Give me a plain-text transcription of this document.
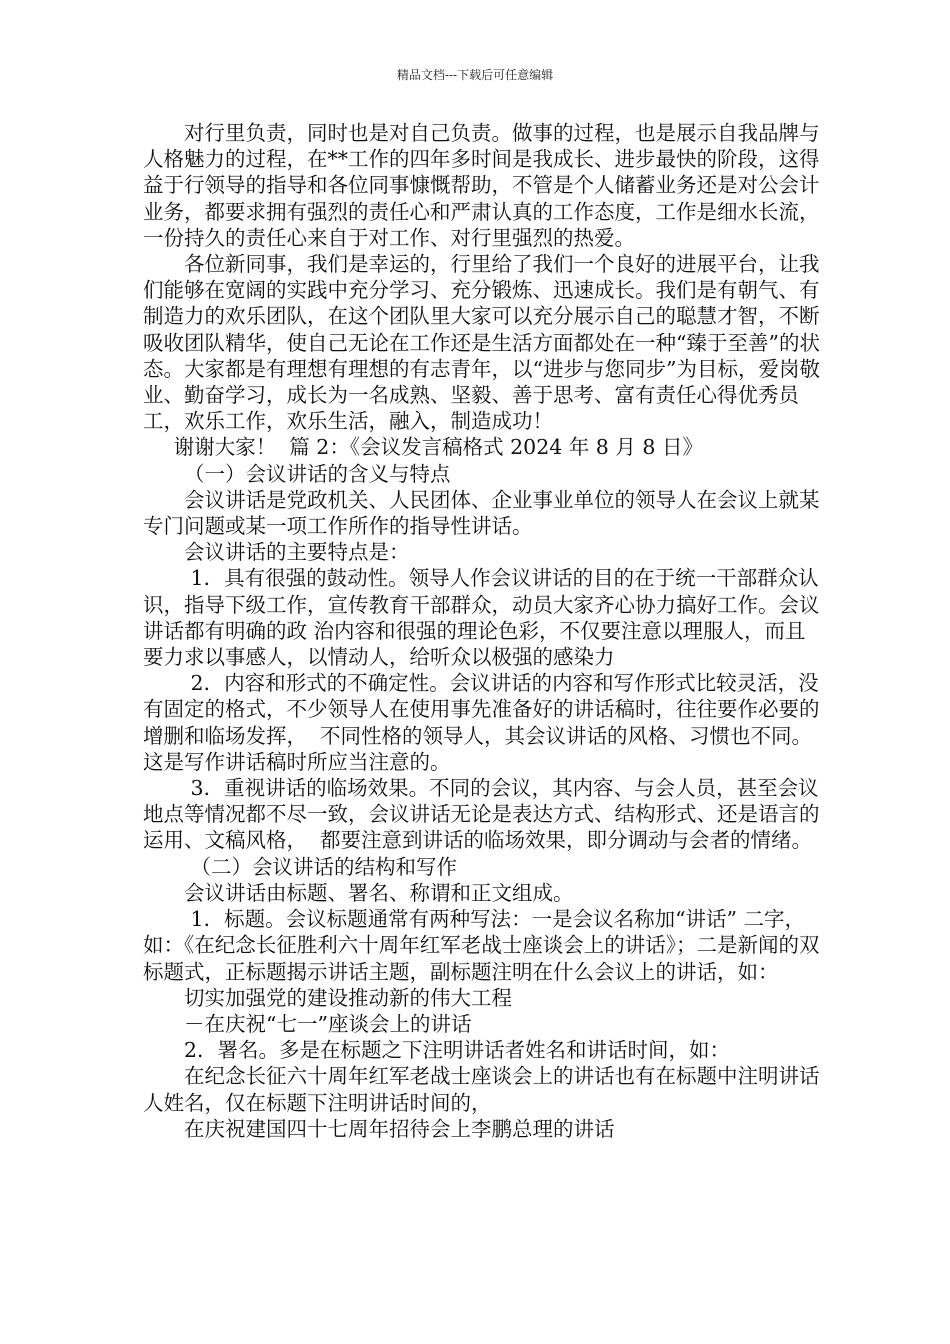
精品文档---下载后可任意编辑

对行里负责，同时也是对自己负责。做事的过程，也是展示自我品牌与人格魅力的过程，在**工作的四年多时间是我成长、进步最快的阶段，这得益于行领导的指导和各位同事慷慨帮助，不管是个人储蓄业务还是对公会计业务，都要求拥有强烈的责任心和严肃认真的工作态度，工作是细水长流，一份持久的责任心来自于对工作、对行里强烈的热爱。

各位新同事，我们是幸运的，行里给了我们一个良好的进展平台，让我们能够在宽阔的实践中充分学习、充分锻炼、迅速成长。我们是有朝气、有制造力的欢乐团队，在这个团队里大家可以充分展示自己的聪慧才智，不断吸收团队精华，使自己无论在工作还是生活方面都处在一种“臻于至善”的状态。大家都是有理想有理想的有志青年，以“进步与您同步”为目标，爱岗敬业、勤奋学习，成长为一名成熟、坚毅、善于思考、富有责任心得优秀员工，欢乐工作，欢乐生活，融入，制造成功！

谢谢大家！  篇 2：《会议发言稿格式 2024 年 8 月 8 日》

（一）会议讲话的含义与特点

会议讲话是党政机关、人民团体、企业事业单位的领导人在会议上就某专门问题或某一项工作所作的指导性讲话。

会议讲话的主要特点是：

1．具有很强的鼓动性。领导人作会议讲话的目的在于统一干部群众认识，指导下级工作，宣传教育干部群众，动员大家齐心协力搞好工作。会议讲话都有明确的政 治内容和很强的理论色彩，不仅要注意以理服人，而且要力求以事感人，以情动人，给听众以极强的感染力

2．内容和形式的不确定性。会议讲话的内容和写作形式比较灵活，没有固定的格式，不少领导人在使用事先准备好的讲话稿时，往往要作必要的增删和临场发挥，  不同性格的领导人，其会议讲话的风格、习惯也不同。这是写作讲话稿时所应当注意的。

3．重视讲话的临场效果。不同的会议，其内容、与会人员，甚至会议地点等情况都不尽一致，会议讲话无论是表达方式、结构形式、还是语言的运用、文稿风格，  都要注意到讲话的临场效果，即分调动与会者的情绪。

（二）会议讲话的结构和写作

会议讲话由标题、署名、称谓和正文组成。

1．标题。会议标题通常有两种写法：一是会议名称加“讲话” 二字，如：《在纪念长征胜利六十周年红军老战士座谈会上的讲话》；二是新闻的双标题式，正标题揭示讲话主题，副标题注明在什么会议上的讲话，如：

切实加强党的建设推动新的伟大工程

－在庆祝“七一”座谈会上的讲话

2．署名。多是在标题之下注明讲话者姓名和讲话时间，如：

在纪念长征六十周年红军老战士座谈会上的讲话也有在标题中注明讲话人姓名，仅在标题下注明讲话时间的，

在庆祝建国四十七周年招待会上李鹏总理的讲话
